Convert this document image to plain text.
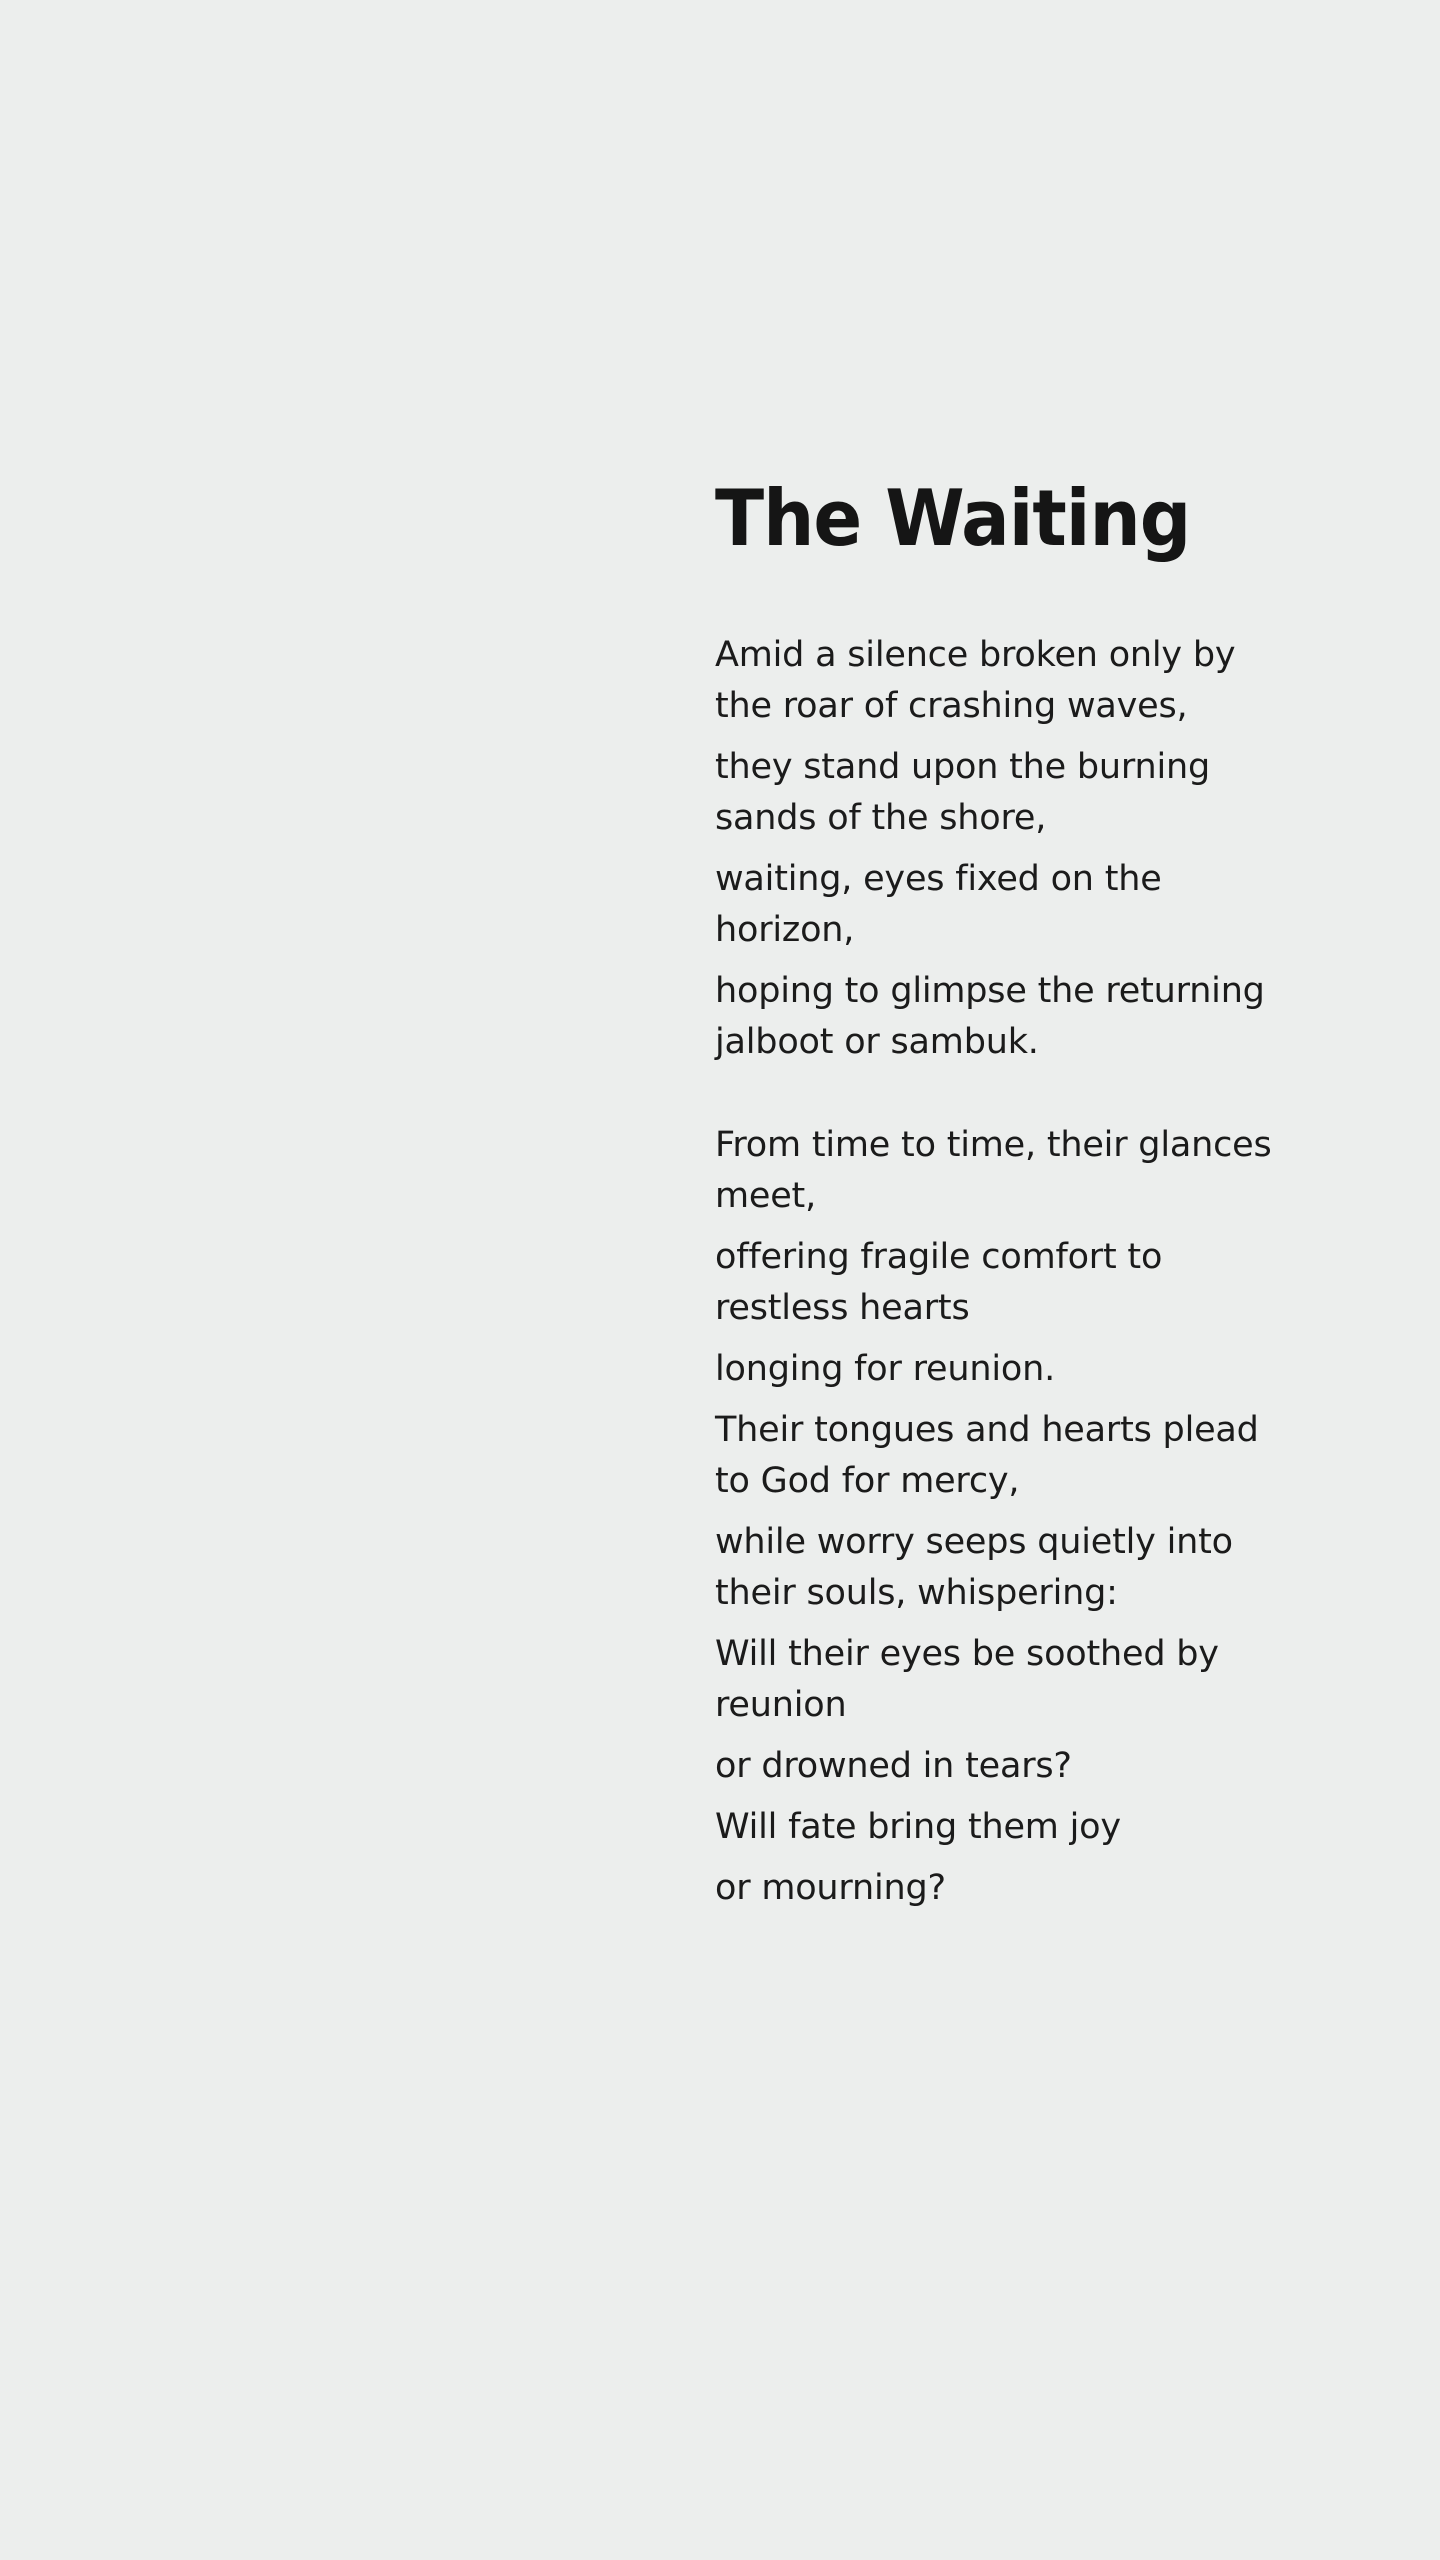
The Waiting
Amid a silence broken only by the roar of crashing waves,
they stand upon the burning sands of the shore,
waiting, eyes fixed on the horizon,
hoping to glimpse the returning jalboot or sambuk.
From time to time, their glances meet,
offering fragile comfort to restless hearts
longing for reunion.
Their tongues and hearts plead to God for mercy,
while worry seeps quietly into their souls, whispering:
Will their eyes be soothed by reunion
or drowned in tears?
Will fate bring them joy
or mourning?
